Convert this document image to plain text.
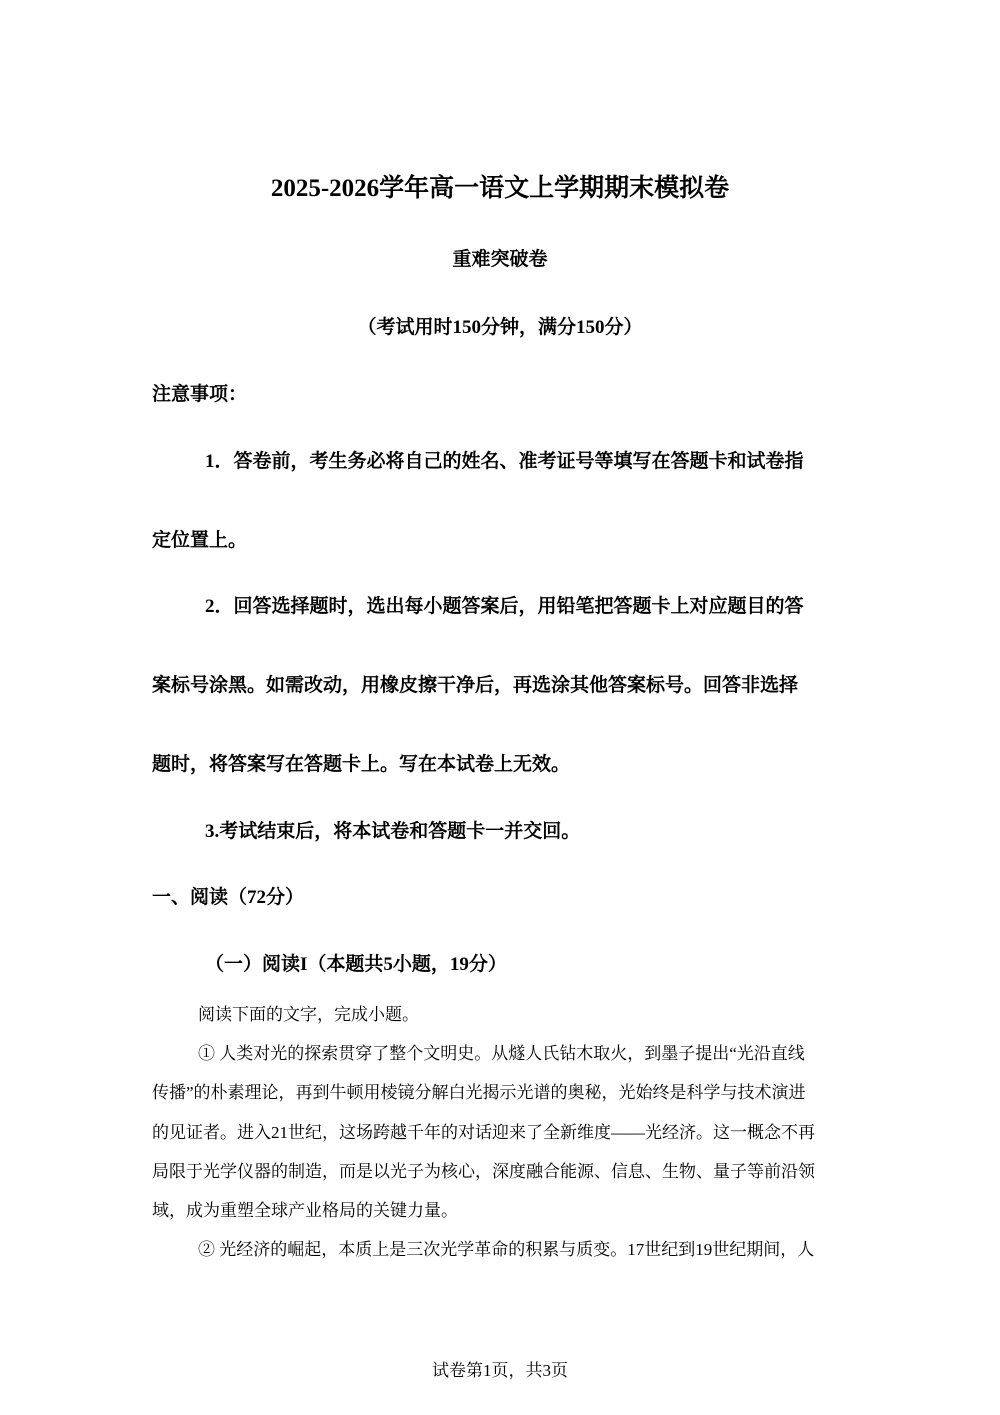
2025-2026学年高一语文上学期期末模拟卷
重难突破卷
（考试用时150分钟，满分150分）
注意事项：
1．答卷前，考生务必将自己的姓名、准考证号等填写在答题卡和试卷指
定位置上。
2．回答选择题时，选出每小题答案后，用铅笔把答题卡上对应题目的答
案标号涂黑。如需改动，用橡皮擦干净后，再选涂其他答案标号。回答非选择
题时，将答案写在答题卡上。写在本试卷上无效。
3.考试结束后，将本试卷和答题卡一并交回。
一、阅读（72分）
（一）阅读I（本题共5小题，19分）
阅读下面的文字，完成小题。
① 人类对光的探索贯穿了整个文明史。从燧人氏钻木取火，到墨子提出“光沿直线
传播”的朴素理论，再到牛顿用棱镜分解白光揭示光谱的奥秘，光始终是科学与技术演进
的见证者。进入21世纪，这场跨越千年的对话迎来了全新维度——光经济。这一概念不再
局限于光学仪器的制造，而是以光子为核心，深度融合能源、信息、生物、量子等前沿领
域，成为重塑全球产业格局的关键力量。
② 光经济的崛起，本质上是三次光学革命的积累与质变。17世纪到19世纪期间，人
试卷第1页，共3页
